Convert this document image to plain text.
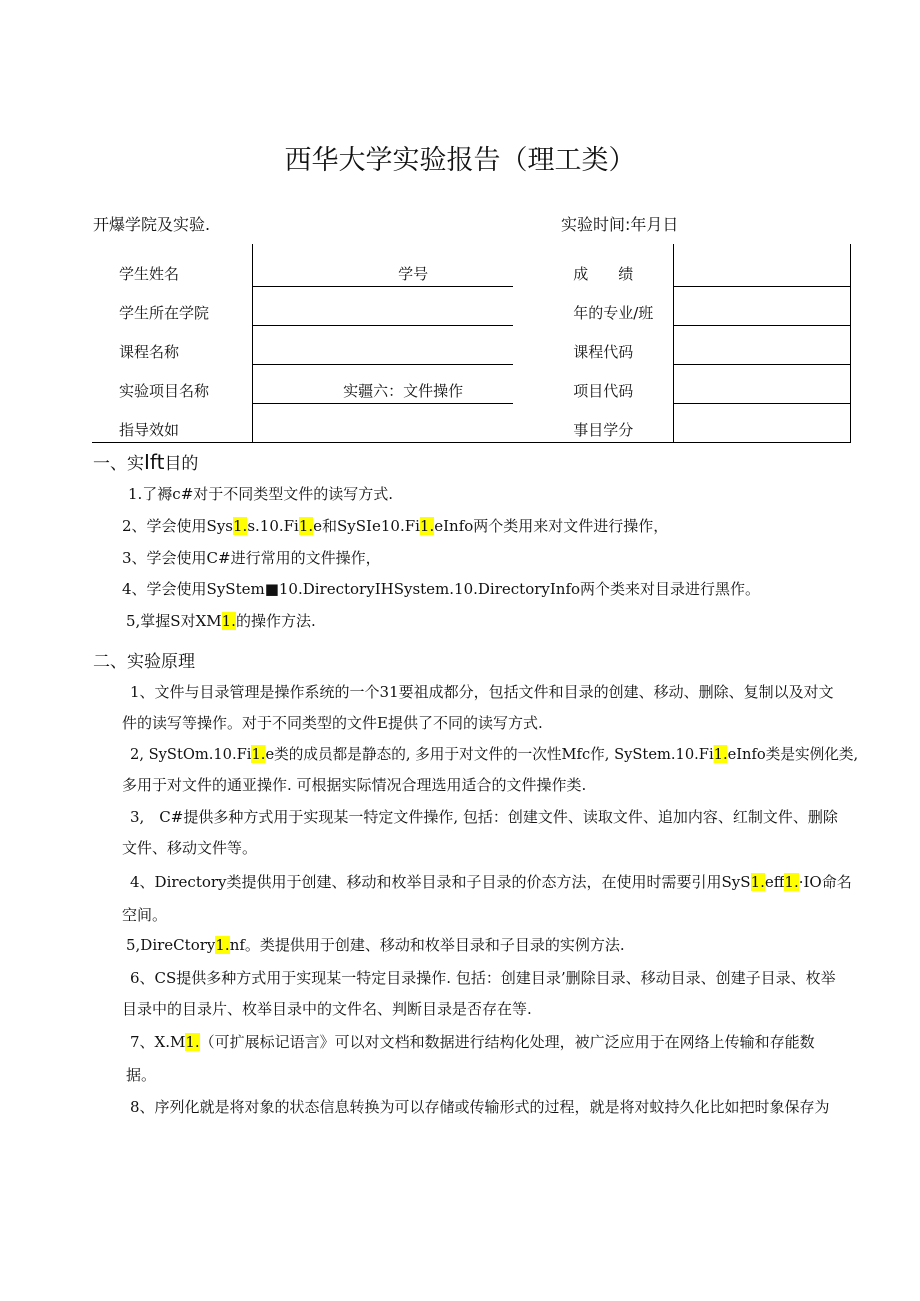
西华大学实验报告（理工类）
开爆学院及实验.	实验时间:年月日
学生姓名	学号	成　　绩	
学生所在学院		年的专业/班	
课程名称		课程代码	
实验项目名称	实疆六：文件操作	项目代码	
指导效如		事目学分	
一、实Ift目的
1.了褥c#对于不同类型文件的读写方式.
2、学会使用Sys1.s.10.Fi1.e和SySIe10.Fi1.eInfo两个类用来对文件进行操作，
3、学会使用C#进行常用的文件操作，
4、学会使用SyStem■10.DirectoryIHSystem.10.DirectoryInfo两个类来对目录进行黑作。
5,掌握S对XM1.的操作方法.
二、实验原理
1、文件与目录管理是操作系统的一个31要祖成都分，包括文件和目录的创建、移动、删除、复制以及对文
件的读写等操作。对于不同类型的文件E提供了不同的读写方式.
2, SyStOm.10.Fi1.e类的成员都是静态的, 多用于对文件的一次性Mfc作, SyStem.10.Fi1.eInfo类是实例化类,
多用于对文件的通亚操作. 可根据实际情况合理选用适合的文件操作类.
3,　C#提供多种方式用于实现某一特定文件操作, 包括：创建文件、读取文件、追加内容、红制文件、删除
文件、移动文件等。
4、Directory类提供用于创建、移动和枚举目录和子目录的价态方法，在使用时需要引用SyS1.eff1.·IO命名
空间。
5,DireCtory1.nf。类提供用于创建、移动和枚举目录和子目录的实例方法.
6、CS提供多种方式用于实现某一特定目录操作. 包括：创建目录’删除目录、移动目录、创建子目录、枚举
目录中的目录片、枚举目录中的文件名、判断目录是否存在等.
7、X.M1.（可扩展标记语言》可以对文档和数据进行结构化处理，被广泛应用于在网络上传输和存能数
据。
8、序列化就是将对象的状态信息转换为可以存储或传输形式的过程，就是将对蚊持久化比如把时象保存为
